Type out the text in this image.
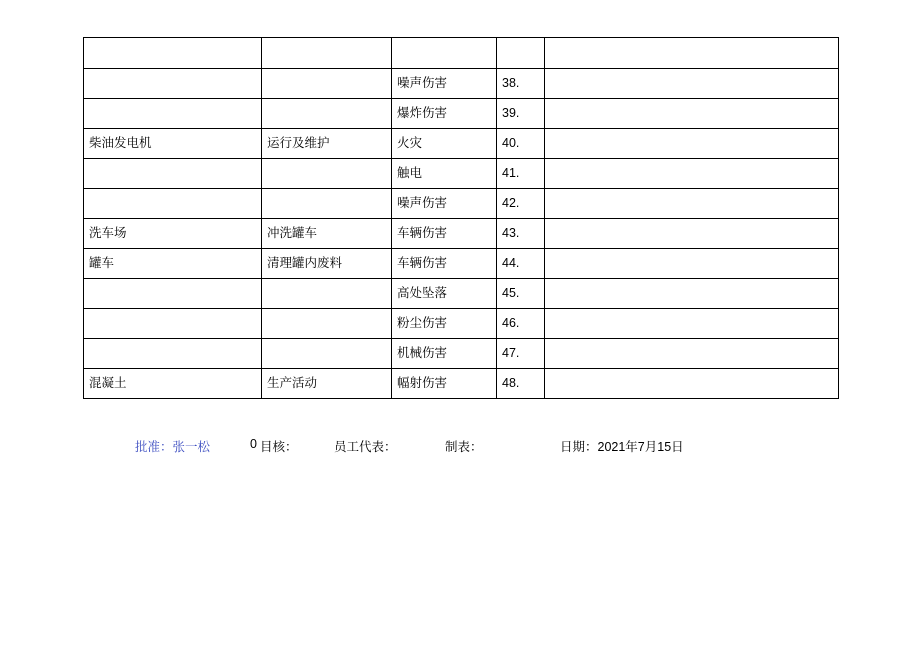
		噪声伤害	38.	
		爆炸伤害	39.	
柴油发电机	运行及维护	火灾	40.	
		触电	41.	
		噪声伤害	42.	
洗车场	冲洗罐车	车辆伤害	43.	
罐车	清理罐内废料	车辆伤害	44.	
		高处坠落	45.	
		粉尘伤害	46.	
		机械伤害	47.	
混凝土	生产活动	幅射伤害	48.	
批准：张一松	0 目核：	员工代表：	制表：	日期：2021年7月15日
